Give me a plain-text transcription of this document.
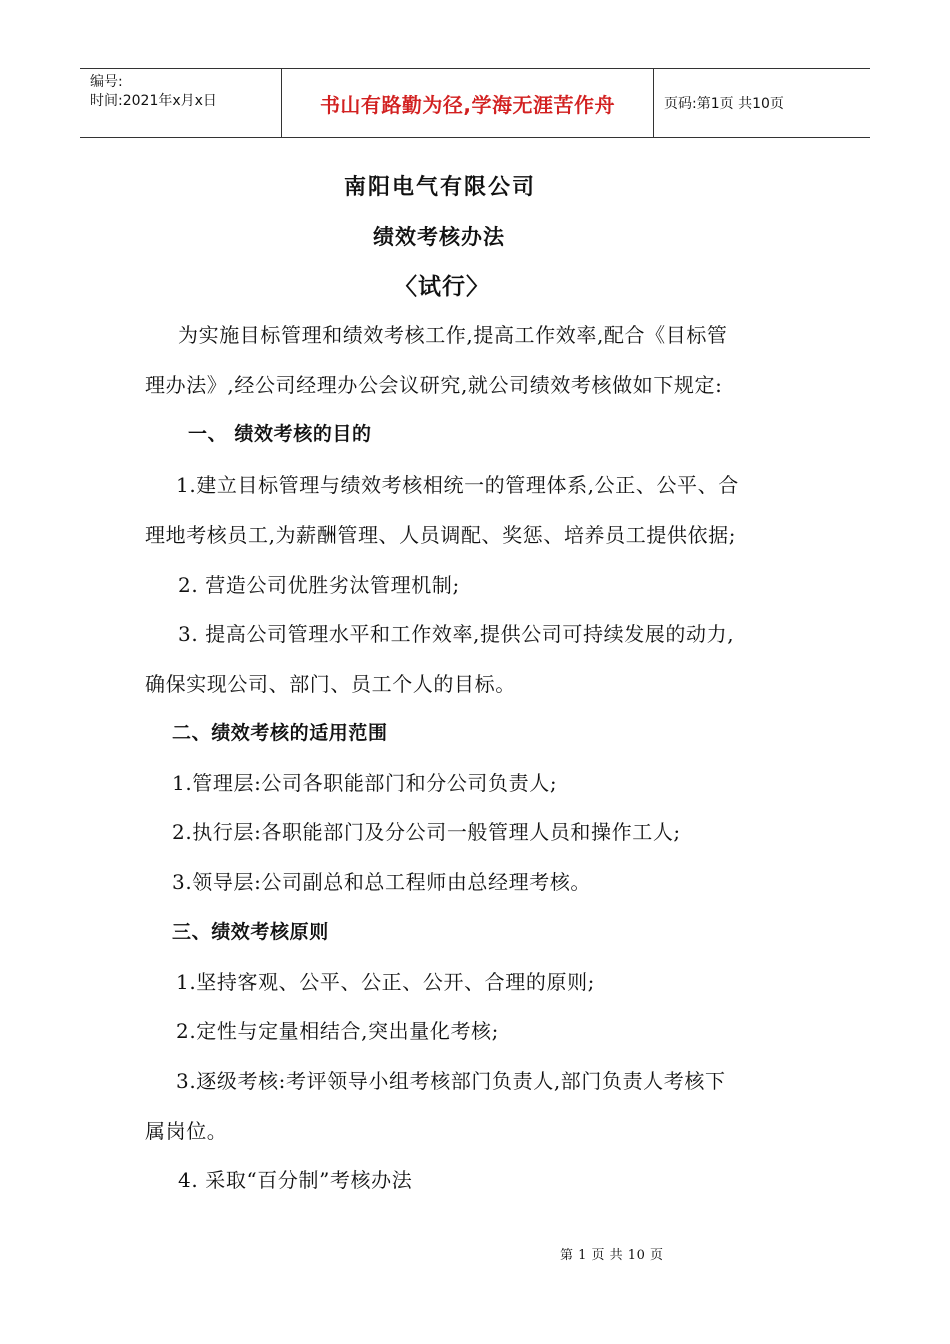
编号:
时间:2021年x月x日	书山有路勤为径,学海无涯苦作舟	页码:第1页 共10页
南阳电气有限公司
绩效考核办法
〈试行〉
为实施目标管理和绩效考核工作,提高工作效率,配合《目标管
理办法》,经公司经理办公会议研究,就公司绩效考核做如下规定:
一、 绩效考核的目的
1.建立目标管理与绩效考核相统一的管理体系,公正、公平、合
理地考核员工,为薪酬管理、人员调配、奖惩、培养员工提供依据;
2. 营造公司优胜劣汰管理机制;
3. 提高公司管理水平和工作效率,提供公司可持续发展的动力,
确保实现公司、部门、员工个人的目标。
二、绩效考核的适用范围
1.管理层:公司各职能部门和分公司负责人;
2.执行层:各职能部门及分公司一般管理人员和操作工人;
3.领导层:公司副总和总工程师由总经理考核。
三、绩效考核原则
1.坚持客观、公平、公正、公开、合理的原则;
2.定性与定量相结合,突出量化考核;
3.逐级考核:考评领导小组考核部门负责人,部门负责人考核下
属岗位。
4. 采取“百分制”考核办法
第 1 页 共 10 页
